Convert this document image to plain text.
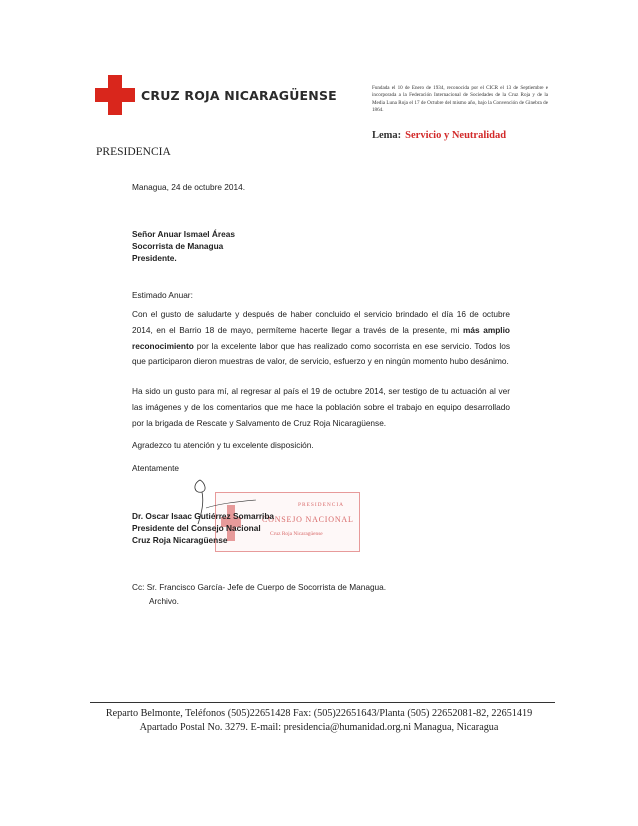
CRUZ ROJA NICARAGÜENSE
PRESIDENCIA
Fundada el 10 de Enero de 1934, reconocida por el CICR el 13 de Septiembre e incorporada a la Federación Internacional de Sociedades de la Cruz Roja y de la Media Luna Roja el 17 de Octubre del mismo año, bajo la Convención de Ginebra de 1864.
Lema: Servicio y Neutralidad
Managua, 24 de octubre 2014.
Señor Anuar Ismael Áreas
Socorrista de Managua
Presidente.
Estimado Anuar:
Con el gusto de saludarte y después de haber concluido el servicio brindado el día 16 de octubre 2014, en el Barrio 18 de mayo, permíteme hacerte llegar a través de la presente, mi más amplio reconocimiento por la excelente labor que has realizado como socorrista en ese servicio. Todos los que participaron dieron muestras de valor, de servicio, esfuerzo y en ningún momento hubo desánimo.
Ha sido un gusto para mí, al regresar al país el 19 de octubre 2014, ser testigo de tu actuación al ver las imágenes y de los comentarios que me hace la población sobre el trabajo en equipo desarrollado por la brigada de Rescate y Salvamento de Cruz Roja Nicaragüense.
Agradezco tu atención y tu excelente disposición.
Atentamente
PRESIDENCIA
CONSEJO NACIONAL
Cruz Roja Nicaragüense
Dr. Oscar Isaac Gutiérrez Somarriba
Presidente del Consejo Nacional
Cruz Roja Nicaragüense
Cc: Sr. Francisco García- Jefe de Cuerpo de Socorrista de Managua.
Archivo.
Reparto Belmonte, Teléfonos (505)22651428 Fax: (505)22651643/Planta (505) 22652081-82, 22651419
Apartado Postal No. 3279. E-mail: presidencia@humanidad.org.ni Managua, Nicaragua
